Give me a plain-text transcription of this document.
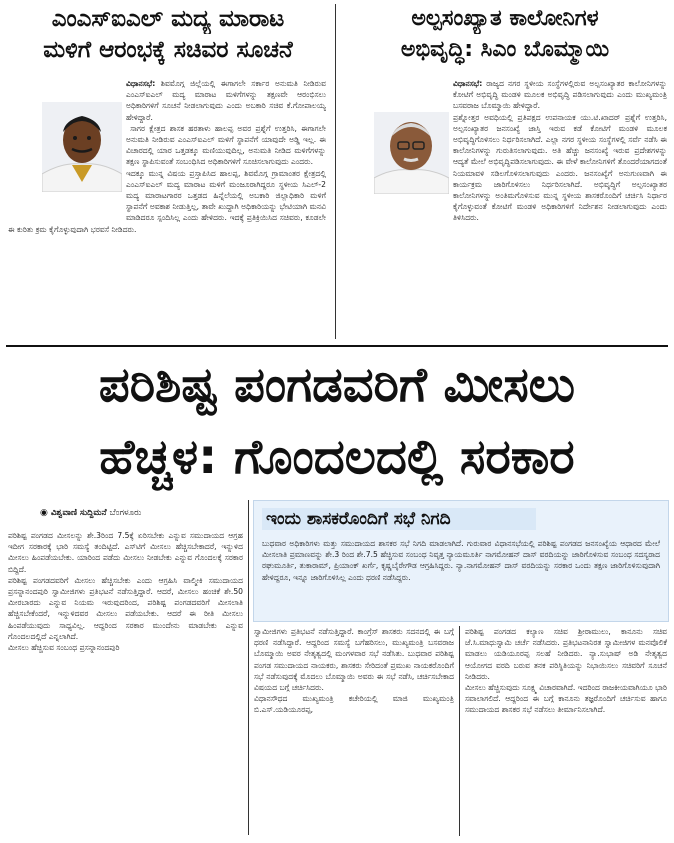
ಎಂಎಸ್‌ಐಎಲ್ ಮದ್ಯ ಮಾರಾಟ
ಮಳಿಗೆ ಆರಂಭಕ್ಕೆ ಸಚಿವರ ಸೂಚನೆ
ವಿಧಾನಸಭೆ: ಶಿವಮೊಗ್ಗ ಜಿಲ್ಲೆಯಲ್ಲಿ ಈಗಾಗಲೇ ಸರ್ಕಾರ ಅನುಮತಿ ನೀಡಿರುವ ಎಂಎಸ್‌ಐಎಲ್ ಮದ್ಯ ಮಾರಾಟ ಮಳಿಗೆಗಳನ್ನು ತಕ್ಷಣವೇ ಆರಂಭಿಸಲು ಅಧಿಕಾರಿಗಳಿಗೆ ಸೂಚನೆ ನೀಡಲಾಗುವುದು ಎಂದು ಅಬಕಾರಿ ಸಚಿವ ಕೆ.ಗೋಪಾಲಯ್ಯ ಹೇಳಿದ್ದಾರೆ.
ಸಾಗರ ಕ್ಷೇತ್ರದ ಶಾಸಕ ಹರತಾಳು ಹಾಲಪ್ಪ ಅವರ ಪ್ರಶ್ನೆಗೆ ಉತ್ತರಿಸಿ, ಈಗಾಗಲೇ ಅನುಮತಿ ನೀಡಿರುವ ಎಂಎಸ್‌ಐಎಲ್ ಮಳಿಗೆ ಸ್ಥಾಪನೆಗೆ ಯಾವುದೇ ಅಡ್ಡಿ ಇಲ್ಲ. ಈ ವಿಚಾರದಲ್ಲಿ ಯಾರ ಒತ್ತಡಕ್ಕೂ ಮಣಿಯುವುದಿಲ್ಲ, ಅನುಮತಿ ನೀಡಿದ ಮಳಿಗೆಗಳನ್ನು ತಕ್ಷಣ ಸ್ಥಾಪಿಸುವಂತೆ ಸಂಬಂಧಿಸಿದ ಅಧಿಕಾರಿಗಳಿಗೆ ಸೂಚಿಸಲಾಗುವುದು ಎಂದರು.
ಇದಕ್ಕೂ ಮುನ್ನ ವಿಷಯ ಪ್ರಸ್ತಾಪಿಸಿದ ಹಾಲಪ್ಪ, ಶಿವಮೊಗ್ಗ ಗ್ರಾಮಾಂತರ ಕ್ಷೇತ್ರದಲ್ಲಿ ಎಂಎಸ್‌ಐಎಲ್ ಮದ್ಯ ಮಾರಾಟ ಮಳಿಗೆ ಮಂಜೂರಾಗಿದ್ದರೂ ಸ್ಥಳೀಯ ಸಿಎಲ್-2 ಮದ್ಯ ಮಾರಾಟಗಾರರ ಒತ್ತಡದ ಹಿನ್ನೆಲೆಯಲ್ಲಿ ಅಬಕಾರಿ ಜಿಲ್ಲಾಧಿಕಾರಿ ಮಳಿಗೆ ಸ್ಥಾಪನೆಗೆ ಅವಕಾಶ ನೀಡುತ್ತಿಲ್ಲ, ತಾವೇ ಖುದ್ದಾಗಿ ಅಧಿಕಾರಿಯನ್ನು ಭೇಟಿಯಾಗಿ ಮನವಿ ಮಾಡಿದರೂ ಸ್ಪಂದಿಸಿಲ್ಲ ಎಂದು ಹೇಳಿದರು. ಇದಕ್ಕೆ ಪ್ರತಿಕ್ರಿಯಿಸಿದ ಸಚಿವರು, ಕೂಡಲೇ ಈ ಕುರಿತು ಕ್ರಮ ಕೈಗೊಳ್ಳುವುದಾಗಿ ಭರವಸೆ ನೀಡಿದರು.
ಅಲ್ಪಸಂಖ್ಯಾತ ಕಾಲೋನಿಗಳ
ಅಭಿವೃದ್ಧಿ: ಸಿಎಂ ಬೊಮ್ಮಾಯಿ
ವಿಧಾನಸಭೆ: ರಾಜ್ಯದ ನಗರ ಸ್ಥಳೀಯ ಸಂಸ್ಥೆಗಳಲ್ಲಿರುವ ಅಲ್ಪಸಂಖ್ಯಾತರ ಕಾಲೋನಿಗಳನ್ನು ಕೋಟಿಗೆ ಅಭಿವೃದ್ಧಿ ಮಂಡಳಿ ಮೂಲಕ ಅಭಿವೃದ್ಧಿ ಪಡಿಸಲಾಗುವುದು ಎಂದು ಮುಖ್ಯಮಂತ್ರಿ ಬಸವರಾಜ ಬೊಮ್ಮಾಯಿ ಹೇಳಿದ್ದಾರೆ.
ಪ್ರಶ್ನೋತ್ತರ ಅವಧಿಯಲ್ಲಿ ಪ್ರತಿಪಕ್ಷದ ಉಪನಾಯಕ ಯು.ಟಿ.ಖಾದರ್ ಪ್ರಶ್ನೆಗೆ ಉತ್ತರಿಸಿ, ಅಲ್ಪಸಂಖ್ಯಾತರ ಜನಸಂಖ್ಯೆ ಜಾಸ್ತಿ ಇರುವ ಕಡೆ ಕೋಟಿಗೆ ಮಂಡಳಿ ಮೂಲಕ ಅಭಿವೃದ್ಧಿಗೊಳಿಸಲು ನಿರ್ಧರಿಸಲಾಗಿದೆ. ಎಲ್ಲಾ ನಗರ ಸ್ಥಳೀಯ ಸಂಸ್ಥೆಗಳಲ್ಲಿ ಸರ್ವೆ ನಡೆಸಿ ಈ ಕಾಲೋನಿಗಳನ್ನು ಗುರುತಿಸಲಾಗುವುದು. ಅತಿ ಹೆಚ್ಚು ಜನಸಂಖ್ಯೆ ಇರುವ ಪ್ರದೇಶಗಳನ್ನು ಆದ್ಯತೆ ಮೇಲೆ ಅಭಿವೃದ್ಧಿಪಡಿಸಲಾಗುವುದು. ಈ ವೇಳೆ ಕಾಲೋನಿಗಳಿಗೆ ತೊಂದರೆಯಾಗದಂತೆ ನಿಯಮಾವಳಿ ಸಡಿಲಗೊಳಿಸಲಾಗುವುದು ಎಂದರು. ಜನಸಂಖ್ಯೆಗೆ ಅನುಗುಣವಾಗಿ ಈ ಕಾರ್ಯಕ್ರಮ ಜಾರಿಗೊಳಿಸಲು ನಿರ್ಧರಿಸಲಾಗಿದೆ. ಅಭಿವೃದ್ಧಿಗೆ ಅಲ್ಪಸಂಖ್ಯಾತರ ಕಾಲೋನಿಗಳನ್ನು ಅಂತಿಮಗೊಳಿಸುವ ಮುನ್ನ ಸ್ಥಳೀಯ ಶಾಸಕರೊಂದಿಗೆ ಚರ್ಚಿಸಿ ನಿರ್ಧಾರ ಕೈಗೊಳ್ಳುವಂತೆ ಕೋಟಿಗೆ ಮಂಡಳಿ ಅಧಿಕಾರಿಗಳಿಗೆ ನಿರ್ದೇಶನ ನೀಡಲಾಗುವುದು ಎಂದು ತಿಳಿಸಿದರು.
ಪರಿಶಿಷ್ಟ ಪಂಗಡವರಿಗೆ ಮೀಸಲು
ಹೆಚ್ಚಳ: ಗೊಂದಲದಲ್ಲಿ ಸರಕಾರ
◉ ವಿಶ್ವವಾಣಿ ಸುದ್ದಿಮನೆ ಬೆಂಗಳೂರು	ಇಂದು ಶಾಸಕರೊಂದಿಗೆ ಸಭೆ ನಿಗದಿ
ಬುಧವಾರ ಅಧಿಕಾರಿಗಳು ಮತ್ತು ಸಮುದಾಯದ ಶಾಸಕರ ಸಭೆ ನಿಗದಿ ಮಾಡಲಾಗಿದೆ. ಗುರುವಾರ ವಿಧಾನಸಭೆಯಲ್ಲಿ ಪರಿಶಿಷ್ಟ ಪಂಗಡದ ಜನಸಂಖ್ಯೆಯ ಆಧಾರದ ಮೇಲೆ ಮೀಸಲಾತಿ ಪ್ರಮಾಣವನ್ನು ಶೇ.3 ರಿಂದ ಶೇ.7.5 ಹೆಚ್ಚಿಸುವ ಸಂಬಂಧ ನಿವೃತ್ತ ನ್ಯಾಯಮೂರ್ತಿ ನಾಗಮೋಹನ್ ದಾಸ್ ವರದಿಯನ್ನು ಜಾರಿಗೊಳಿಸುವ ಸಂಬಂಧ ಸದಸ್ಯರಾದ ರಘುಮೂರ್ತಿ, ತುಕಾರಾಮ್, ಪ್ರಿಯಾಂಕ್ ಖರ್ಗೆ, ಕೃಷ್ಣಬೈರೇಗೌಡ ಆಗ್ರಹಿಸಿದ್ದರು. ನ್ಯಾ.ನಾಗಮೋಹನ್ ದಾಸ್ ವರದಿಯನ್ನು ಸರಕಾರ ಒಂದು ತಕ್ಷಣ ಜಾರಿಗೊಳಿಸುವುದಾಗಿ ಹೇಳಿದ್ದರೂ, ಇನ್ನೂ ಜಾರಿಗೊಳಿಸಿಲ್ಲ ಎಂದು ಧರಣಿ ನಡೆಸಿದ್ದರು.
ಪರಿಶಿಷ್ಟ ಪಂಗಡದ ಮೀಸಲನ್ನು ಶೇ.3ರಿಂದ 7.5ಕ್ಕೆ ಏರಿಸಬೇಕು ಎನ್ನುವ ಸಮುದಾಯದ ಆಗ್ರಹ ಇದೀಗ ಸರಕಾರಕ್ಕೆ ಭಾರಿ ಸಮಸ್ಯೆ ತಂದಿಟ್ಟಿದೆ. ಎಸ್‌ಟಿಗೆ ಮೀಸಲು ಹೆಚ್ಚಿಸಬೇಕಾದರೆ, ಇನ್ನುಳಿದ ಮೀಸಲು ಹಿಂಪಡೆಯಬೇಕು. ಯಾರಿಂದ ಪಡೆದು ಮೀಸಲು ನೀಡಬೇಕು ಎನ್ನುವ ಗೊಂದಲಕ್ಕೆ ಸರಕಾರ ಬಿದ್ದಿದೆ.
ಪರಿಶಿಷ್ಟ ಪಂಗಡದವರಿಗೆ ಮೀಸಲು ಹೆಚ್ಚಿಸಬೇಕು ಎಂದು ಆಗ್ರಹಿಸಿ ವಾಲ್ಮೀಕಿ ಸಮುದಾಯದ ಪ್ರಸನ್ನಾನಂದಪುರಿ ಸ್ವಾಮೀಜಿಗಳು ಪ್ರತಿಭಟನೆ ನಡೆಸುತ್ತಿದ್ದಾರೆ. ಆದರೆ, ಮೀಸಲು ಹಂಚಿಕೆ ಶೇ.50 ಮೀರಬಾರದು ಎನ್ನುವ ನಿಯಮ ಇರುವುದರಿಂದ, ಪರಿಶಿಷ್ಟ ಪಂಗಡದವರಿಗೆ ಮೀಸಲಾತಿ ಹೆಚ್ಚಿಸಬೇಕೆಂದರೆ, ಇನ್ನುಳಿದವರ ಮೀಸಲು ಪಡೆಯಬೇಕು. ಆದರೆ ಈ ರೀತಿ ಮೀಸಲು ಹಿಂಪಡೆಯುವುದು ಸಾಧ್ಯವಿಲ್ಲ. ಆದ್ದರಿಂದ ಸರಕಾರ ಮುಂದೇನು ಮಾಡಬೇಕು ಎನ್ನುವ ಗೊಂದಲದಲ್ಲಿದೆ ಎನ್ನಲಾಗಿದೆ.
ಮೀಸಲು ಹೆಚ್ಚಿಸುವ ಸಂಬಂಧ ಪ್ರಸನ್ನಾನಂದಪುರಿ
ಸ್ವಾಮೀಜಿಗಳು ಪ್ರತಿಭಟನೆ ನಡೆಸುತ್ತಿದ್ದಾರೆ. ಕಾಂಗ್ರೆಸ್ ಶಾಸಕರು ಸದನದಲ್ಲಿ ಈ ಬಗ್ಗೆ ಧರಣಿ ನಡೆಸಿದ್ದಾರೆ. ಆದ್ದರಿಂದ ಸಮಸ್ಯೆ ಬಗೆಹರಿಸಲು, ಮುಖ್ಯಮಂತ್ರಿ ಬಸವರಾಜ ಬೊಮ್ಮಾಯಿ ಅವರ ನೇತೃತ್ವದಲ್ಲಿ ಮಂಗಳವಾರ ಸಭೆ ನಡೆಸಿತು. ಬುಧವಾರ ಪರಿಶಿಷ್ಟ ಪಂಗಡ ಸಮುದಾಯದ ನಾಯಕರು, ಶಾಸಕರು ಸೇರಿದಂತೆ ಪ್ರಮುಖ ನಾಯಕರೊಂದಿಗೆ ಸಭೆ ನಡೆಸುವುದಕ್ಕೆ ಮೊದಲು ಬೊಮ್ಮಾಯಿ ಅವರು ಈ ಸಭೆ ನಡೆಸಿ, ಚರ್ಚಿಸಬೇಕಾದ ವಿಷಯದ ಬಗ್ಗೆ ಚರ್ಚಿಸಿದರು.
ವಿಧಾನಸೌಧದ ಮುಖ್ಯಮಂತ್ರಿ ಕಚೇರಿಯಲ್ಲಿ ಮಾಜಿ ಮುಖ್ಯಮಂತ್ರಿ ಬಿ.ಎಸ್.ಯಡಿಯೂರಪ್ಪ,
ಪರಿಶಿಷ್ಟ ಪಂಗಡದ ಕಲ್ಯಾಣ ಸಚಿವ ಶ್ರೀರಾಮುಲು, ಕಾನೂನು ಸಚಿವ ಜೆ.ಸಿ.ಮಾಧುಸ್ವಾಮಿ ಚರ್ಚೆ ನಡೆಸಿದರು. ಪ್ರತಿಭಟನಾನಿರತ ಸ್ವಾಮೀಜಿಗಳ ಮನವೊಲಿಕೆ ಮಾಡಲು ಯಡಿಯೂರಪ್ಪ ಸಲಹೆ ನೀಡಿದರು. ನ್ಯಾ.ಸುಭಾಷ್ ಅಡಿ ನೇತೃತ್ವದ ಆಯೋಗದ ವರದಿ ಬರುವ ತನಕ ಪರಿಸ್ಥಿತಿಯನ್ನು ನಿಭಾಯಿಸಲು ಸಚಿವರಿಗೆ ಸೂಚನೆ ನೀಡಿದರು.
ಮೀಸಲು ಹೆಚ್ಚಿಸುವುದು ಸೂಕ್ಷ್ಮ ವಿಚಾರವಾಗಿದೆ. ಇದರಿಂದ ರಾಜಕೀಯವಾಗಿಯೂ ಭಾರಿ ಸವಾಲಾಗಲಿದೆ. ಆದ್ದರಿಂದ ಈ ಬಗ್ಗೆ ಕಾನೂನು ತಜ್ಞರೊಂದಿಗೆ ಚರ್ಚಿಸುವ ಹಾಗೂ ಸಮುದಾಯದ ಶಾಸಕರ ಸಭೆ ನಡೆಸಲು ತೀರ್ಮಾನಿಸಲಾಗಿದೆ.
